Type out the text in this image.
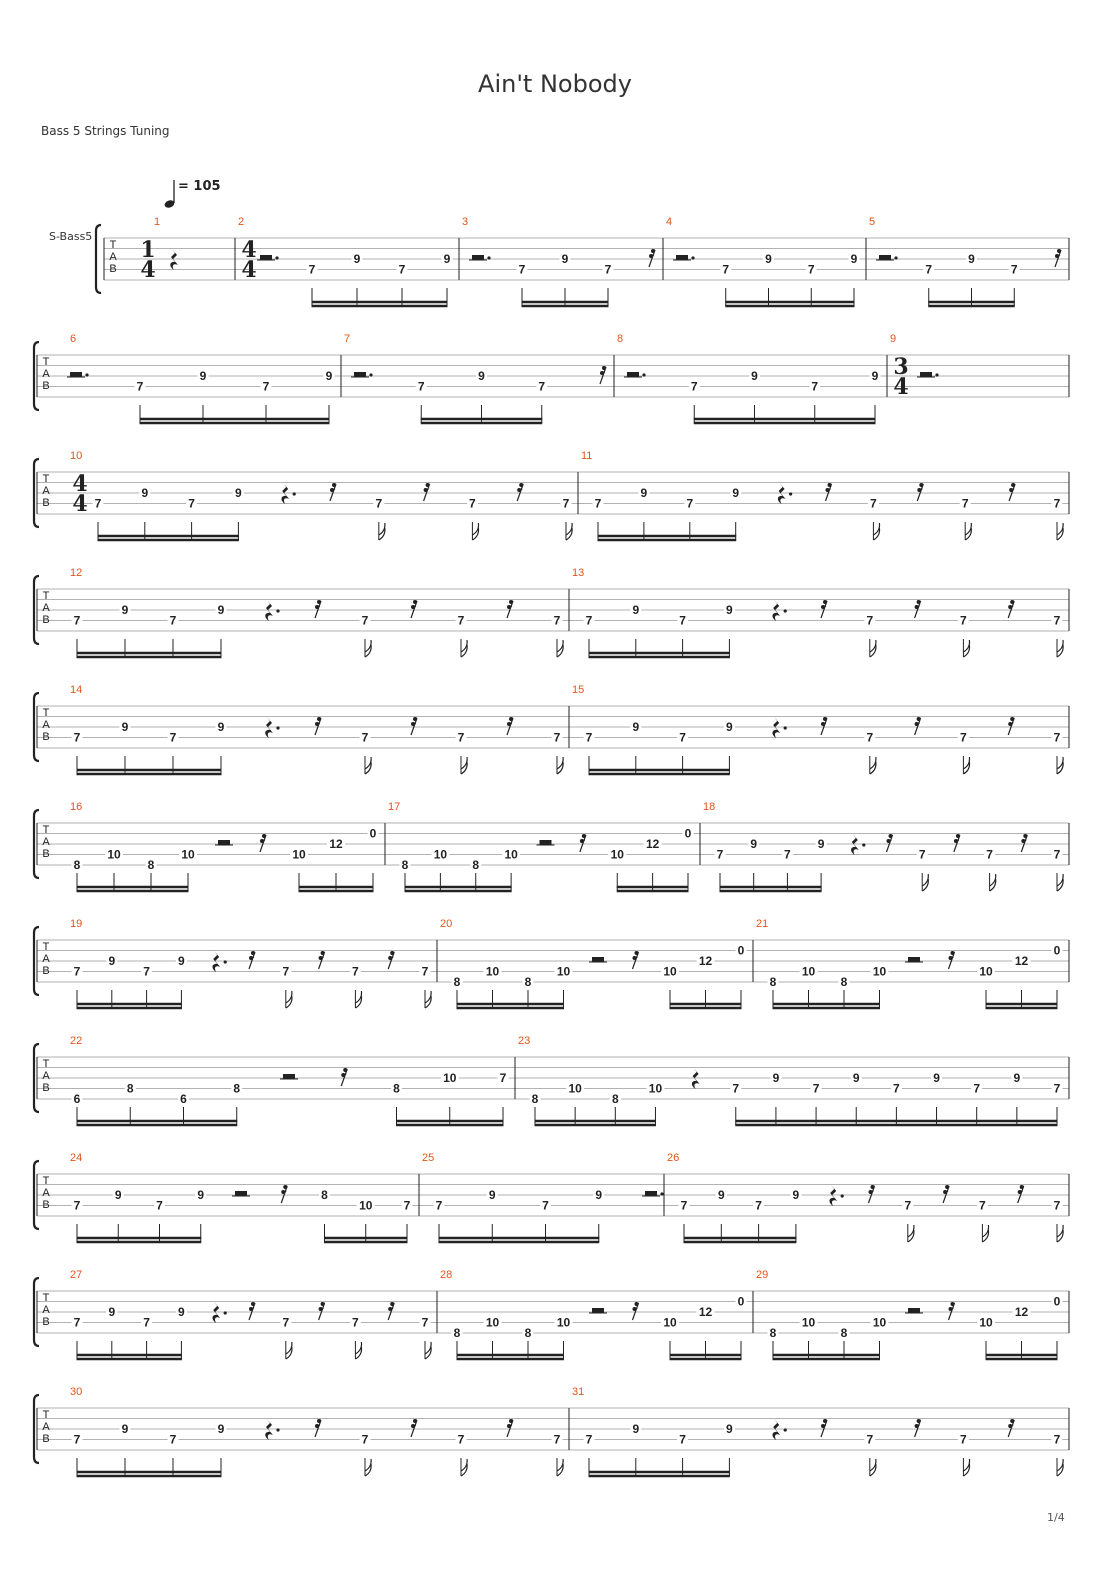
Ain't Nobody
Bass 5 Strings Tuning
= 105
S-Bass5
T
A
B
1
1
4
2
4
4	7
9
7
9
3
7
9
7
4
7
9
7
9
5
7
9
7
T
A
B
6
7
9
7
9
7
7
9
7
8
7
9
7
9
9
3
4
T
A
B
10
4
4 7
9
7
9
7	7	7
11
7
9
7
9
7	7	7
T
A
B
12
7
9
7
9
7	7	7
13
7
9
7
9
7	7	7
T
A
B
14
7
9
7
9
7	7	7
15
7
9
7
9
7	7	7
T
A
B
16
8
10
8
10	10
12
0
17
8
10
8
10	10
12
0
18
7
9
7
9
7	7	7
T
A
B
19
7
9
7
9
7	7	7
20
8
10
8
10	10
12
0
21
8
10
8
10	10
12
0
T
A
B
22
6
8
6
8	8
10	7
23
8
10
8
10	7
9
7
9
7
9
7
9
7
T
A
B
24
7
9
7
9	8
10	7
25
7
9
7
9
26
7
9
7
9
7	7	7
T
A
B
27
7
9
7
9
7	7	7
28
8
10
8
10	10
12
0
29
8
10
8
10	10
12
0
T
A
B
30
7
9
7
9
7	7	7
31
7
9
7
9
7	7	7
1/4
